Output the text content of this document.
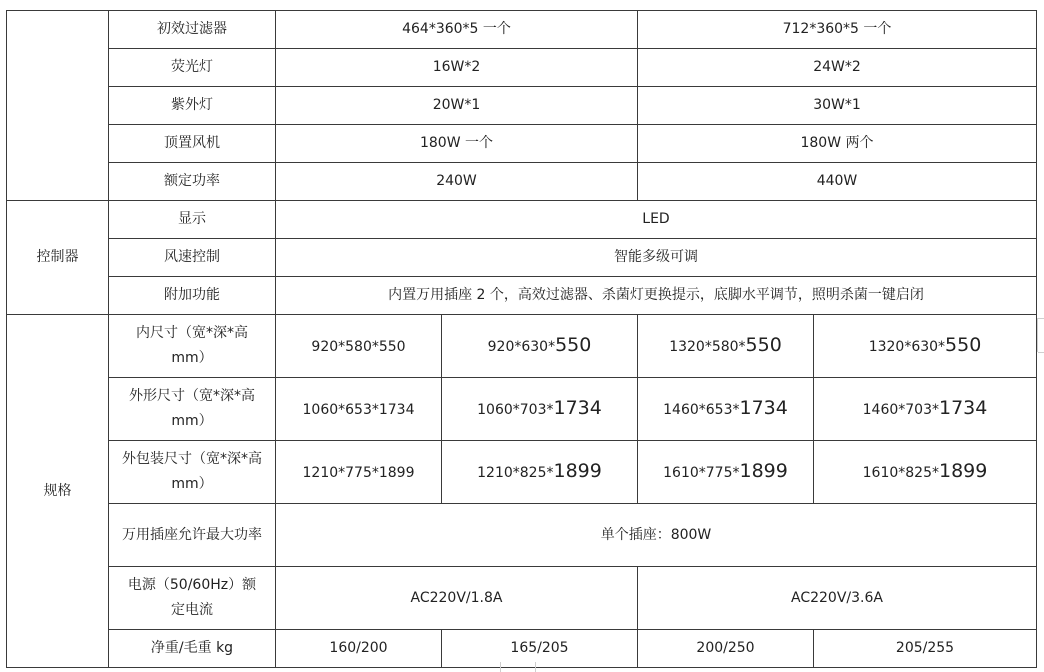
	初效过滤器	464*360*5 一个		712*360*5 一个	
	荧光灯	16W*2		24W*2	
	紫外灯	20W*1		30W*1	
	顶置风机	180W 一个		180W 两个	
	额定功率	240W		440W	
控制器	显示	LED			
	风速控制	智能多级可调			
	附加功能	内置万用插座 2 个，高效过滤器、杀菌灯更换提示，底脚水平调节，照明杀菌一键启闭			
规格	内尺寸（宽*深*高mm）	920*580*550	920*630*550	1320*580*550	1320*630*550
	外形尺寸（宽*深*高mm）	1060*653*1734	1060*703*1734	1460*653*1734	1460*703*1734
	外包装尺寸（宽*深*高mm）	1210*775*1899	1210*825*1899	1610*775*1899	1610*825*1899
	万用插座允许最大功率	单个插座：800W			
	电源（50/60Hz）额定电流	AC220V/1.8A		AC220V/3.6A	
	净重/毛重 kg	160/200	165/205	200/250	205/255
